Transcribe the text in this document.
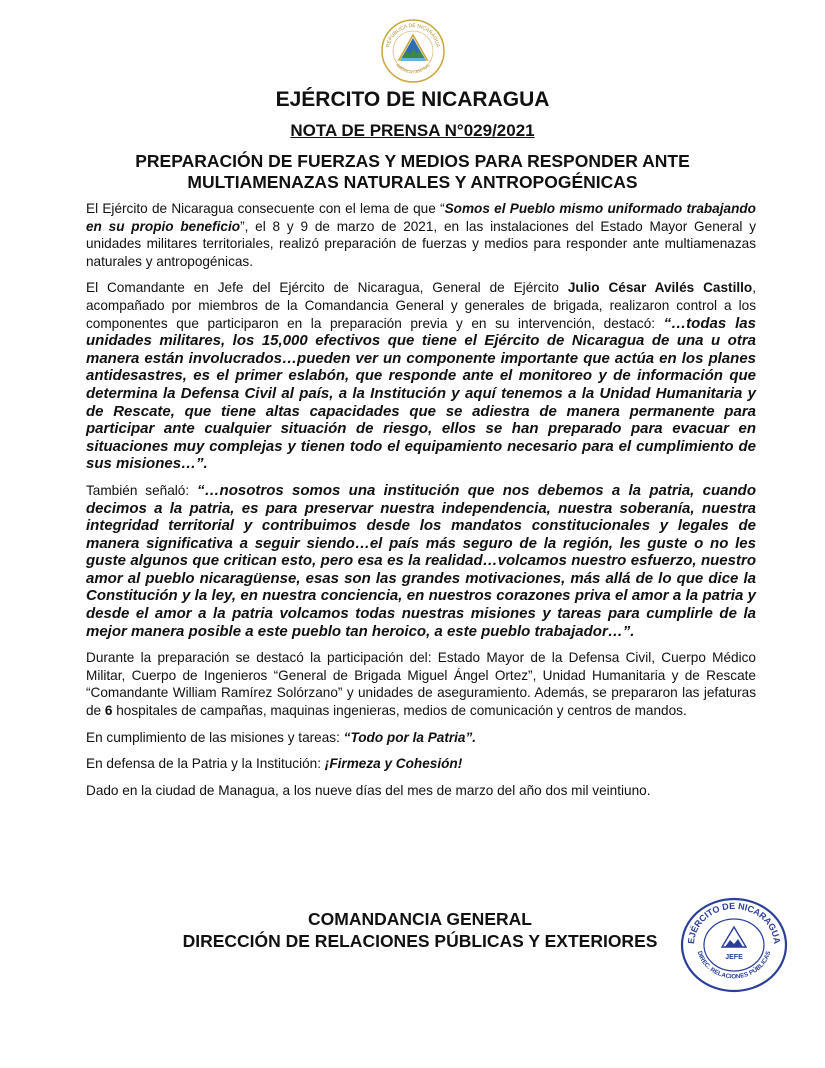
REPÚBLICA DE NICARAGUA
AMÉRICA CENTRAL
EJÉRCITO DE NICARAGUA
NOTA DE PRENSA N°029/2021
PREPARACIÓN DE FUERZAS Y MEDIOS PARA RESPONDER ANTE
MULTIAMENAZAS NATURALES Y ANTROPOGÉNICAS

El Ejército de Nicaragua consecuente con el lema de que “Somos el Pueblo mismo uniformado trabajando en su propio beneficio”, el 8 y 9 de marzo de 2021, en las instalaciones del Estado Mayor General y unidades militares territoriales, realizó preparación de fuerzas y medios para responder ante multiamenazas naturales y antropogénicas.

El Comandante en Jefe del Ejército de Nicaragua, General de Ejército Julio César Avilés Castillo, acompañado por miembros de la Comandancia General y generales de brigada, realizaron control a los componentes que participaron en la preparación previa y en su intervención, destacó: “…todas las unidades militares, los 15,000 efectivos que tiene el Ejército de Nicaragua de una u otra manera están involucrados…pueden ver un componente importante que actúa en los planes antidesastres, es el primer eslabón, que responde ante el monitoreo y de información que determina la Defensa Civil al país, a la Institución y aquí tenemos a la Unidad Humanitaria y de Rescate, que tiene altas capacidades que se adiestra de manera permanente para participar ante cualquier situación de riesgo, ellos se han preparado para evacuar en situaciones muy complejas y tienen todo el equipamiento necesario para el cumplimiento de sus misiones…”.

También señaló: “…nosotros somos una institución que nos debemos a la patria, cuando decimos a la patria, es para preservar nuestra independencia, nuestra soberanía, nuestra integridad territorial y contribuimos desde los mandatos constitucionales y legales de manera significativa a seguir siendo…el país más seguro de la región, les guste o no les guste algunos que critican esto, pero esa es la realidad…volcamos nuestro esfuerzo, nuestro amor al pueblo nicaragüense, esas son las grandes motivaciones, más allá de lo que dice la Constitución y la ley, en nuestra conciencia, en nuestros corazones priva el amor a la patria y desde el amor a la patria volcamos todas nuestras misiones y tareas para cumplirle de la mejor manera posible a este pueblo tan heroico, a este pueblo trabajador…”.

Durante la preparación se destacó la participación del: Estado Mayor de la Defensa Civil, Cuerpo Médico Militar, Cuerpo de Ingenieros “General de Brigada Miguel Ángel Ortez”, Unidad Humanitaria y de Rescate “Comandante William Ramírez Solórzano” y unidades de aseguramiento. Además, se prepararon las jefaturas de 6 hospitales de campañas, maquinas ingenieras, medios de comunicación y centros de mandos.

En cumplimiento de las misiones y tareas: “Todo por la Patria”.

En defensa de la Patria y la Institución: ¡Firmeza y Cohesión!

Dado en la ciudad de Managua, a los nueve días del mes de marzo del año dos mil veintiuno.

COMANDANCIA GENERAL
DIRECCIÓN DE RELACIONES PÚBLICAS Y EXTERIORES	EJÉRCITO DE NICARAGUA
DIREC. RELACIONES PÚBLICAS
JEFE
